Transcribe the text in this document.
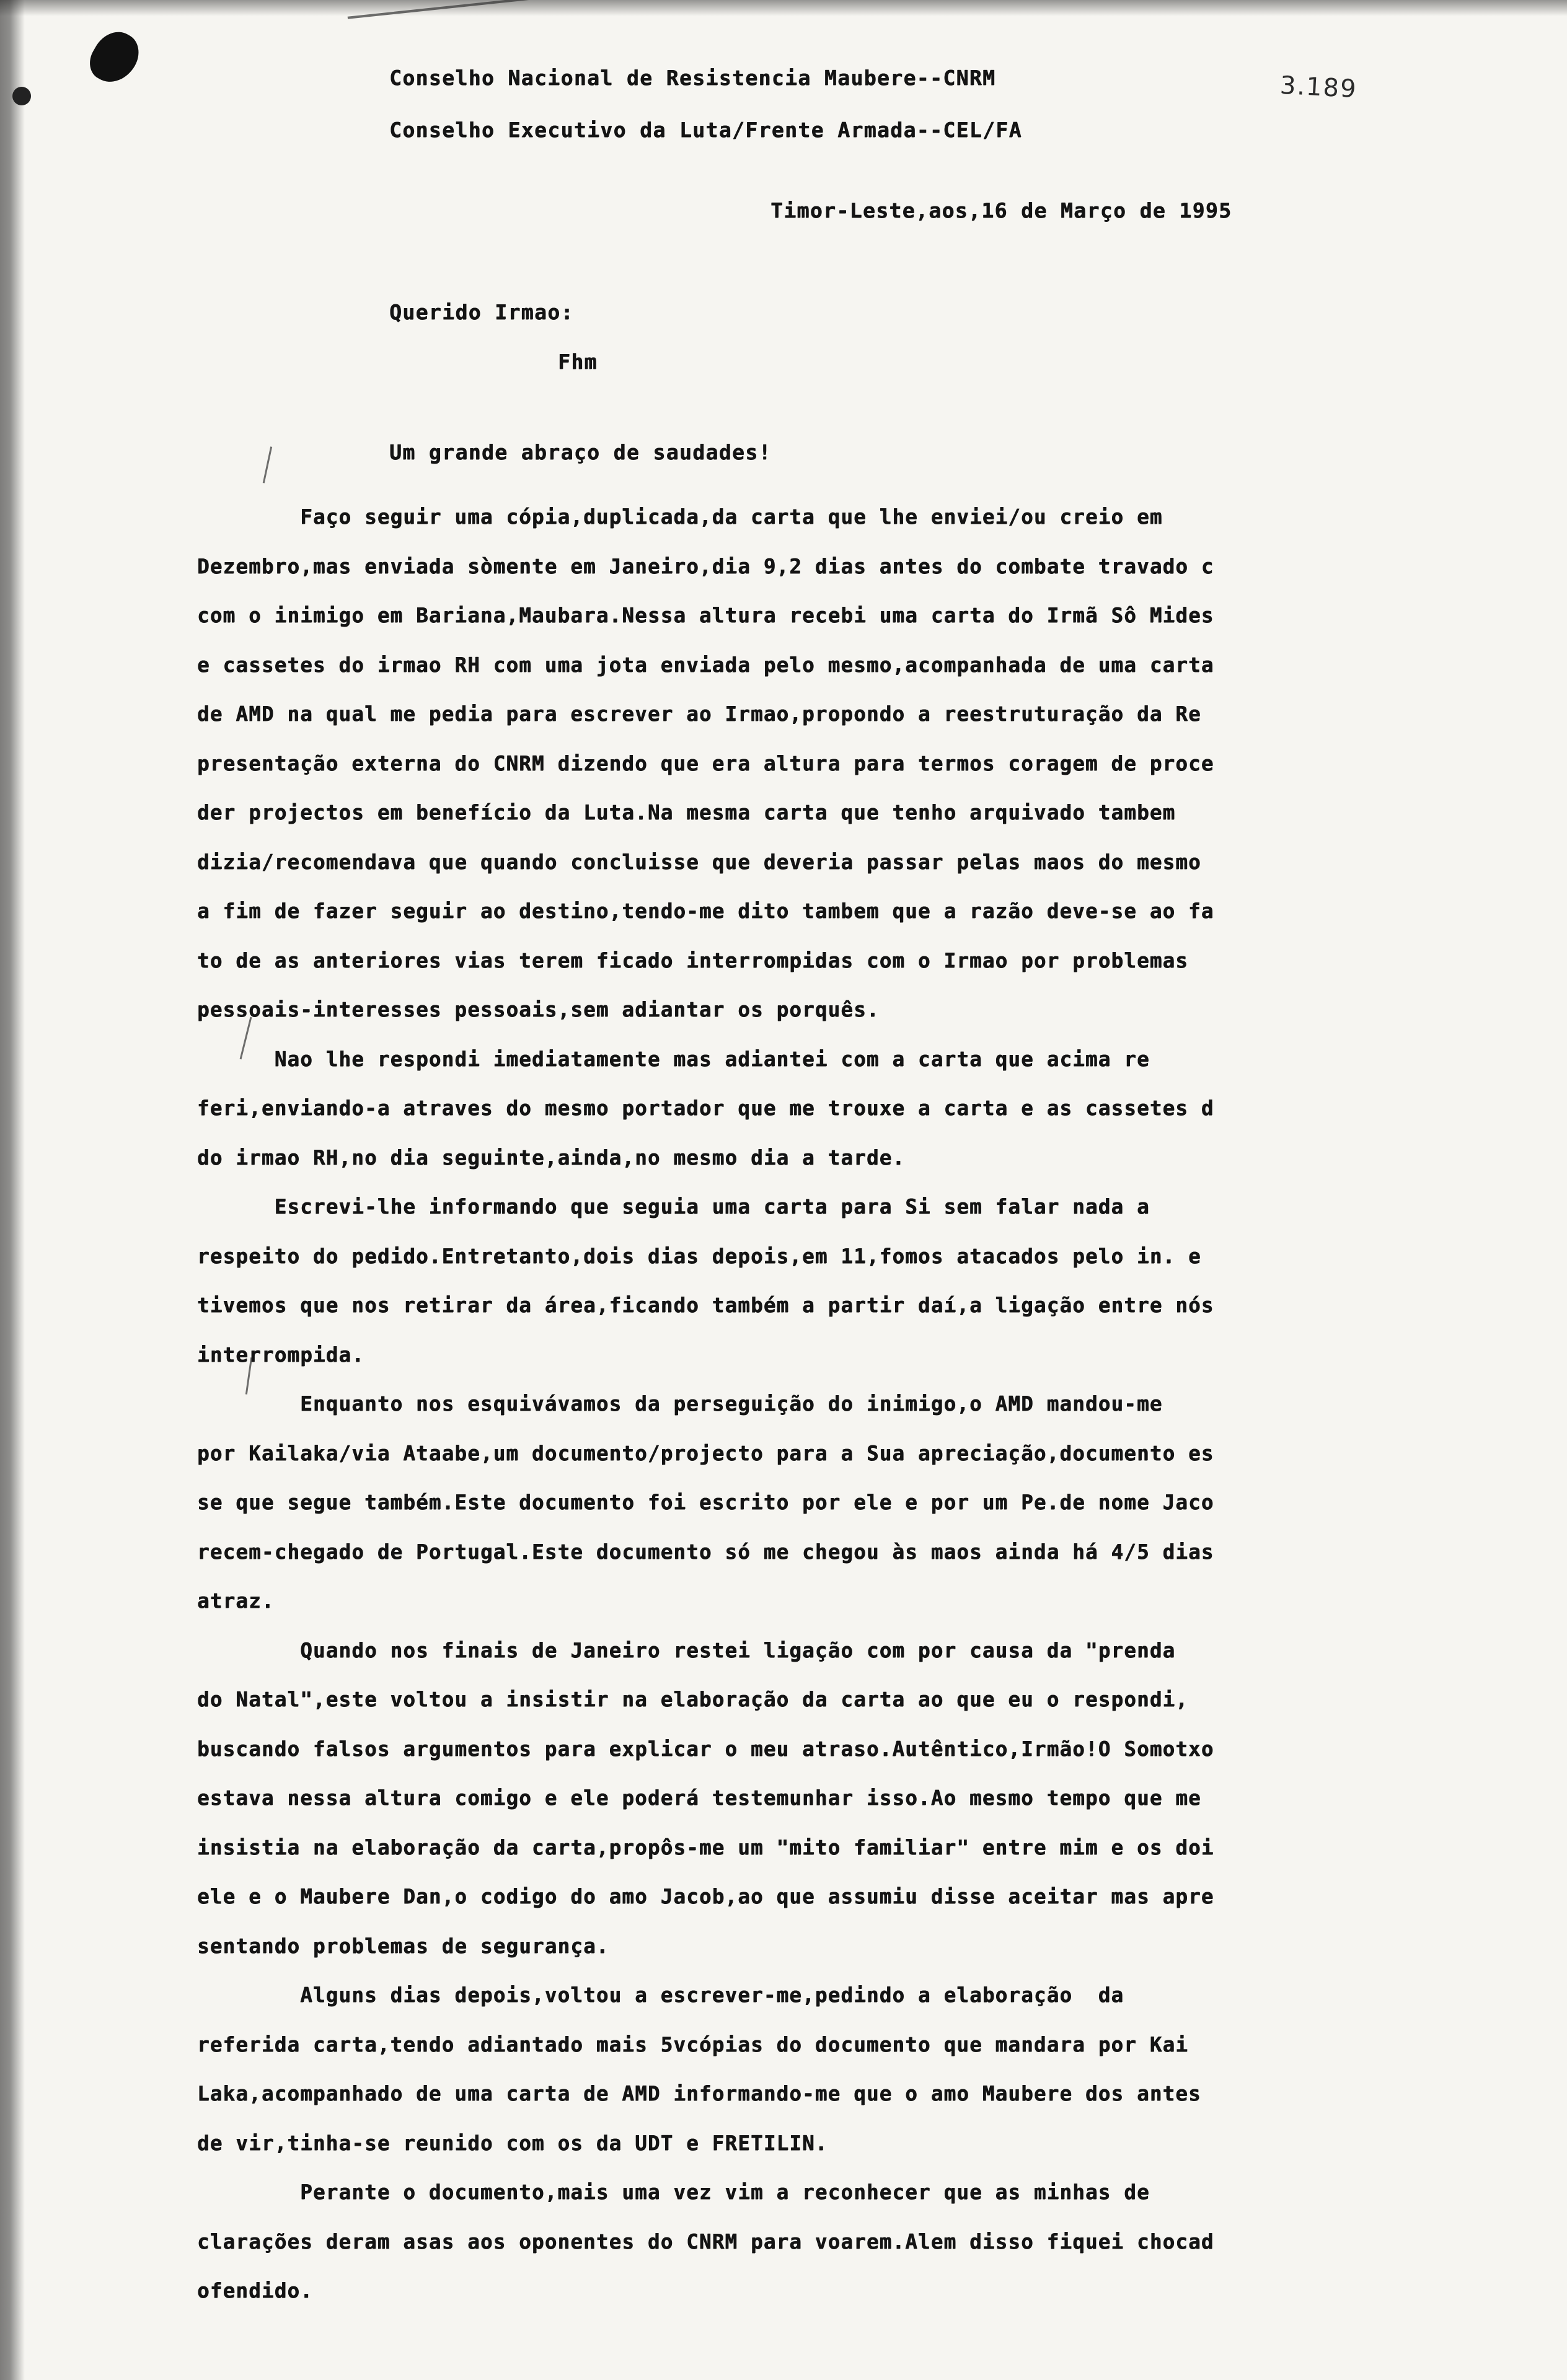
Conselho Nacional de Resistencia Maubere--CNRM
Conselho Executivo da Luta/Frente Armada--CEL/FA
3.189
Timor-Leste,aos,16 de Março de 1995
Querido Irmao:
Fhm
Um grande abraço de saudades!
Faço seguir uma cópia,duplicada,da carta que lhe enviei/ou creio em
Dezembro,mas enviada sòmente em Janeiro,dia 9,2 dias antes do combate travado c
com o inimigo em Bariana,Maubara.Nessa altura recebi uma carta do Irmã Sô Mides
e cassetes do irmao RH com uma jota enviada pelo mesmo,acompanhada de uma carta
de AMD na qual me pedia para escrever ao Irmao,propondo a reestruturação da Re
presentação externa do CNRM dizendo que era altura para termos coragem de proce
der projectos em benefício da Luta.Na mesma carta que tenho arquivado tambem
dizia/recomendava que quando concluisse que deveria passar pelas maos do mesmo
a fim de fazer seguir ao destino,tendo-me dito tambem que a razão deve-se ao fa
to de as anteriores vias terem ficado interrompidas com o Irmao por problemas
pessoais-interesses pessoais,sem adiantar os porquês.
Nao lhe respondi imediatamente mas adiantei com a carta que acima re
feri,enviando-a atraves do mesmo portador que me trouxe a carta e as cassetes d
do irmao RH,no dia seguinte,ainda,no mesmo dia a tarde.
Escrevi-lhe informando que seguia uma carta para Si sem falar nada a
respeito do pedido.Entretanto,dois dias depois,em 11,fomos atacados pelo in. e
tivemos que nos retirar da área,ficando também a partir daí,a ligação entre nós
interrompida.
Enquanto nos esquivávamos da perseguição do inimigo,o AMD mandou-me
por Kailaka/via Ataabe,um documento/projecto para a Sua apreciação,documento es
se que segue também.Este documento foi escrito por ele e por um Pe.de nome Jaco
recem-chegado de Portugal.Este documento só me chegou às maos ainda há 4/5 dias
atraz.
Quando nos finais de Janeiro restei ligação com por causa da "prenda
do Natal",este voltou a insistir na elaboração da carta ao que eu o respondi,
buscando falsos argumentos para explicar o meu atraso.Autêntico,Irmão!O Somotxo
estava nessa altura comigo e ele poderá testemunhar isso.Ao mesmo tempo que me
insistia na elaboração da carta,propôs-me um "mito familiar" entre mim e os doi
ele e o Maubere Dan,o codigo do amo Jacob,ao que assumiu disse aceitar mas apre
sentando problemas de segurança.
Alguns dias depois,voltou a escrever-me,pedindo a elaboração  da
referida carta,tendo adiantado mais 5vcópias do documento que mandara por Kai
Laka,acompanhado de uma carta de AMD informando-me que o amo Maubere dos antes
de vir,tinha-se reunido com os da UDT e FRETILIN.
Perante o documento,mais uma vez vim a reconhecer que as minhas de
clarações deram asas aos oponentes do CNRM para voarem.Alem disso fiquei chocad
ofendido.
